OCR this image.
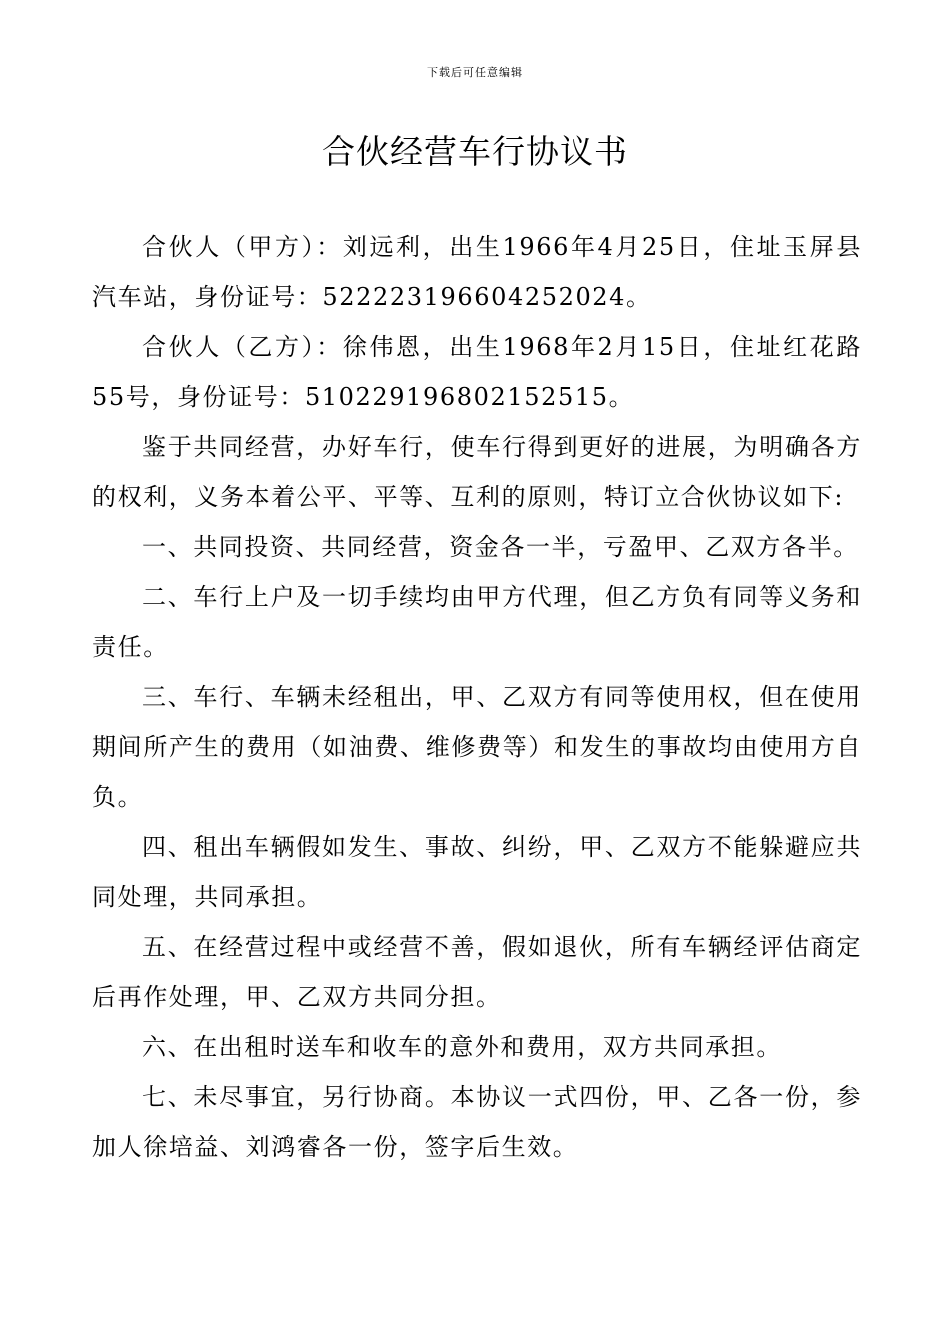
下载后可任意编辑
合伙经营车行协议书

合伙人（甲方）：刘远利，出生1966年4月25日，住址玉屏县汽车站，身份证号：522223196604252024。

合伙人（乙方）：徐伟恩，出生1968年2月15日，住址红花路55号，身份证号：510229196802152515。

鉴于共同经营，办好车行，使车行得到更好的进展，为明确各方的权利，义务本着公平、平等、互利的原则，特订立合伙协议如下:

一、共同投资、共同经营，资金各一半，亏盈甲、乙双方各半。

二、车行上户及一切手续均由甲方代理，但乙方负有同等义务和责任。

三、车行、车辆未经租出，甲、乙双方有同等使用权，但在使用期间所产生的费用（如油费、维修费等）和发生的事故均由使用方自负。

四、租出车辆假如发生、事故、纠纷，甲、乙双方不能躲避应共同处理，共同承担。

五、在经营过程中或经营不善，假如退伙，所有车辆经评估商定后再作处理，甲、乙双方共同分担。

六、在出租时送车和收车的意外和费用，双方共同承担。

七、未尽事宜，另行协商。本协议一式四份，甲、乙各一份，参加人徐培益、刘鸿睿各一份，签字后生效。
